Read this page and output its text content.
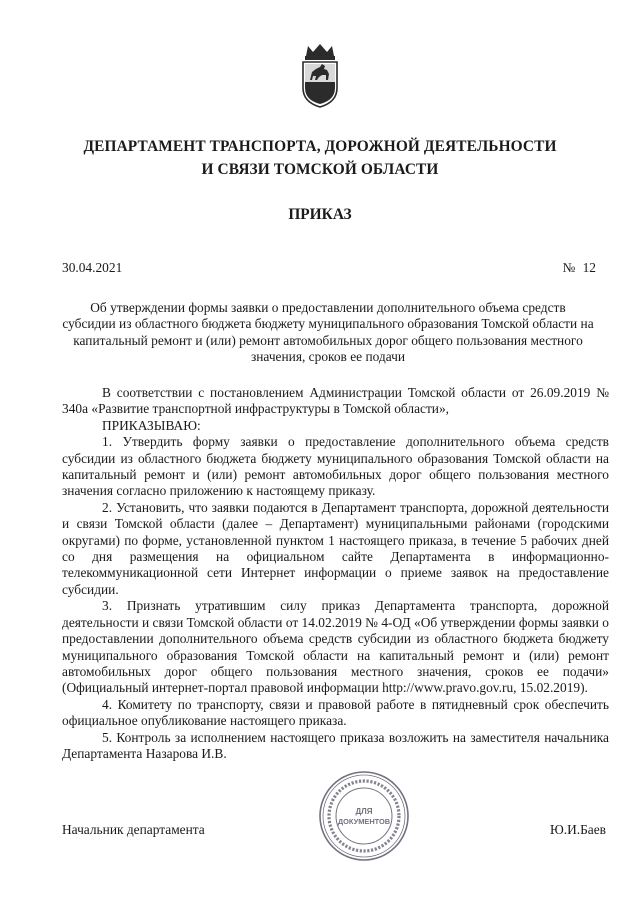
ДЕПАРТАМЕНТ ТРАНСПОРТА, ДОРОЖНОЙ ДЕЯТЕЛЬНОСТИ
И СВЯЗИ ТОМСКОЙ ОБЛАСТИ
ПРИКАЗ
30.04.2021	№ 12
Об утверждении формы заявки о предоставлении дополнительного объема средств субсидии из областного бюджета бюджету муниципального образования Томской области на капитальный ремонт и (или) ремонт автомобильных дорог общего пользования местного значения, сроков ее подачи

В соответствии с постановлением Администрации Томской области от 26.09.2019 № 340а «Развитие транспортной инфраструктуры в Томской области»,

ПРИКАЗЫВАЮ:

1. Утвердить форму заявки о предоставление дополнительного объема средств субсидии из областного бюджета бюджету муниципального образования Томской области на капитальный ремонт и (или) ремонт автомобильных дорог общего пользования местного значения согласно приложению к настоящему приказу.

2. Установить, что заявки подаются в Департамент транспорта, дорожной деятельности и связи Томской области (далее – Департамент) муниципальными районами (городскими округами) по форме, установленной пунктом 1 настоящего приказа, в течение 5 рабочих дней со дня размещения на официальном сайте Департамента в информационно-телекоммуникационной сети Интернет информации о приеме заявок на предоставление субсидии.

3. Признать утратившим силу приказ Департамента транспорта, дорожной деятельности и связи Томской области от 14.02.2019 № 4-ОД «Об утверждении формы заявки о предоставлении дополнительного объема средств субсидии из областного бюджета бюджету муниципального образования Томской области на капитальный ремонт и (или) ремонт автомобильных дорог общего пользования местного значения, сроков ее подачи» (Официальный интернет-портал правовой информации http://www.pravo.gov.ru, 15.02.2019).

4. Комитету по транспорту, связи и правовой работе в пятидневный срок обеспечить официальное опубликование настоящего приказа.

5. Контроль за исполнением настоящего приказа возложить на заместителя начальника Департамента Назарова И.В.

ДЛЯ
ДОКУМЕНТОВ
Начальник департамента	Ю.И.Баев
